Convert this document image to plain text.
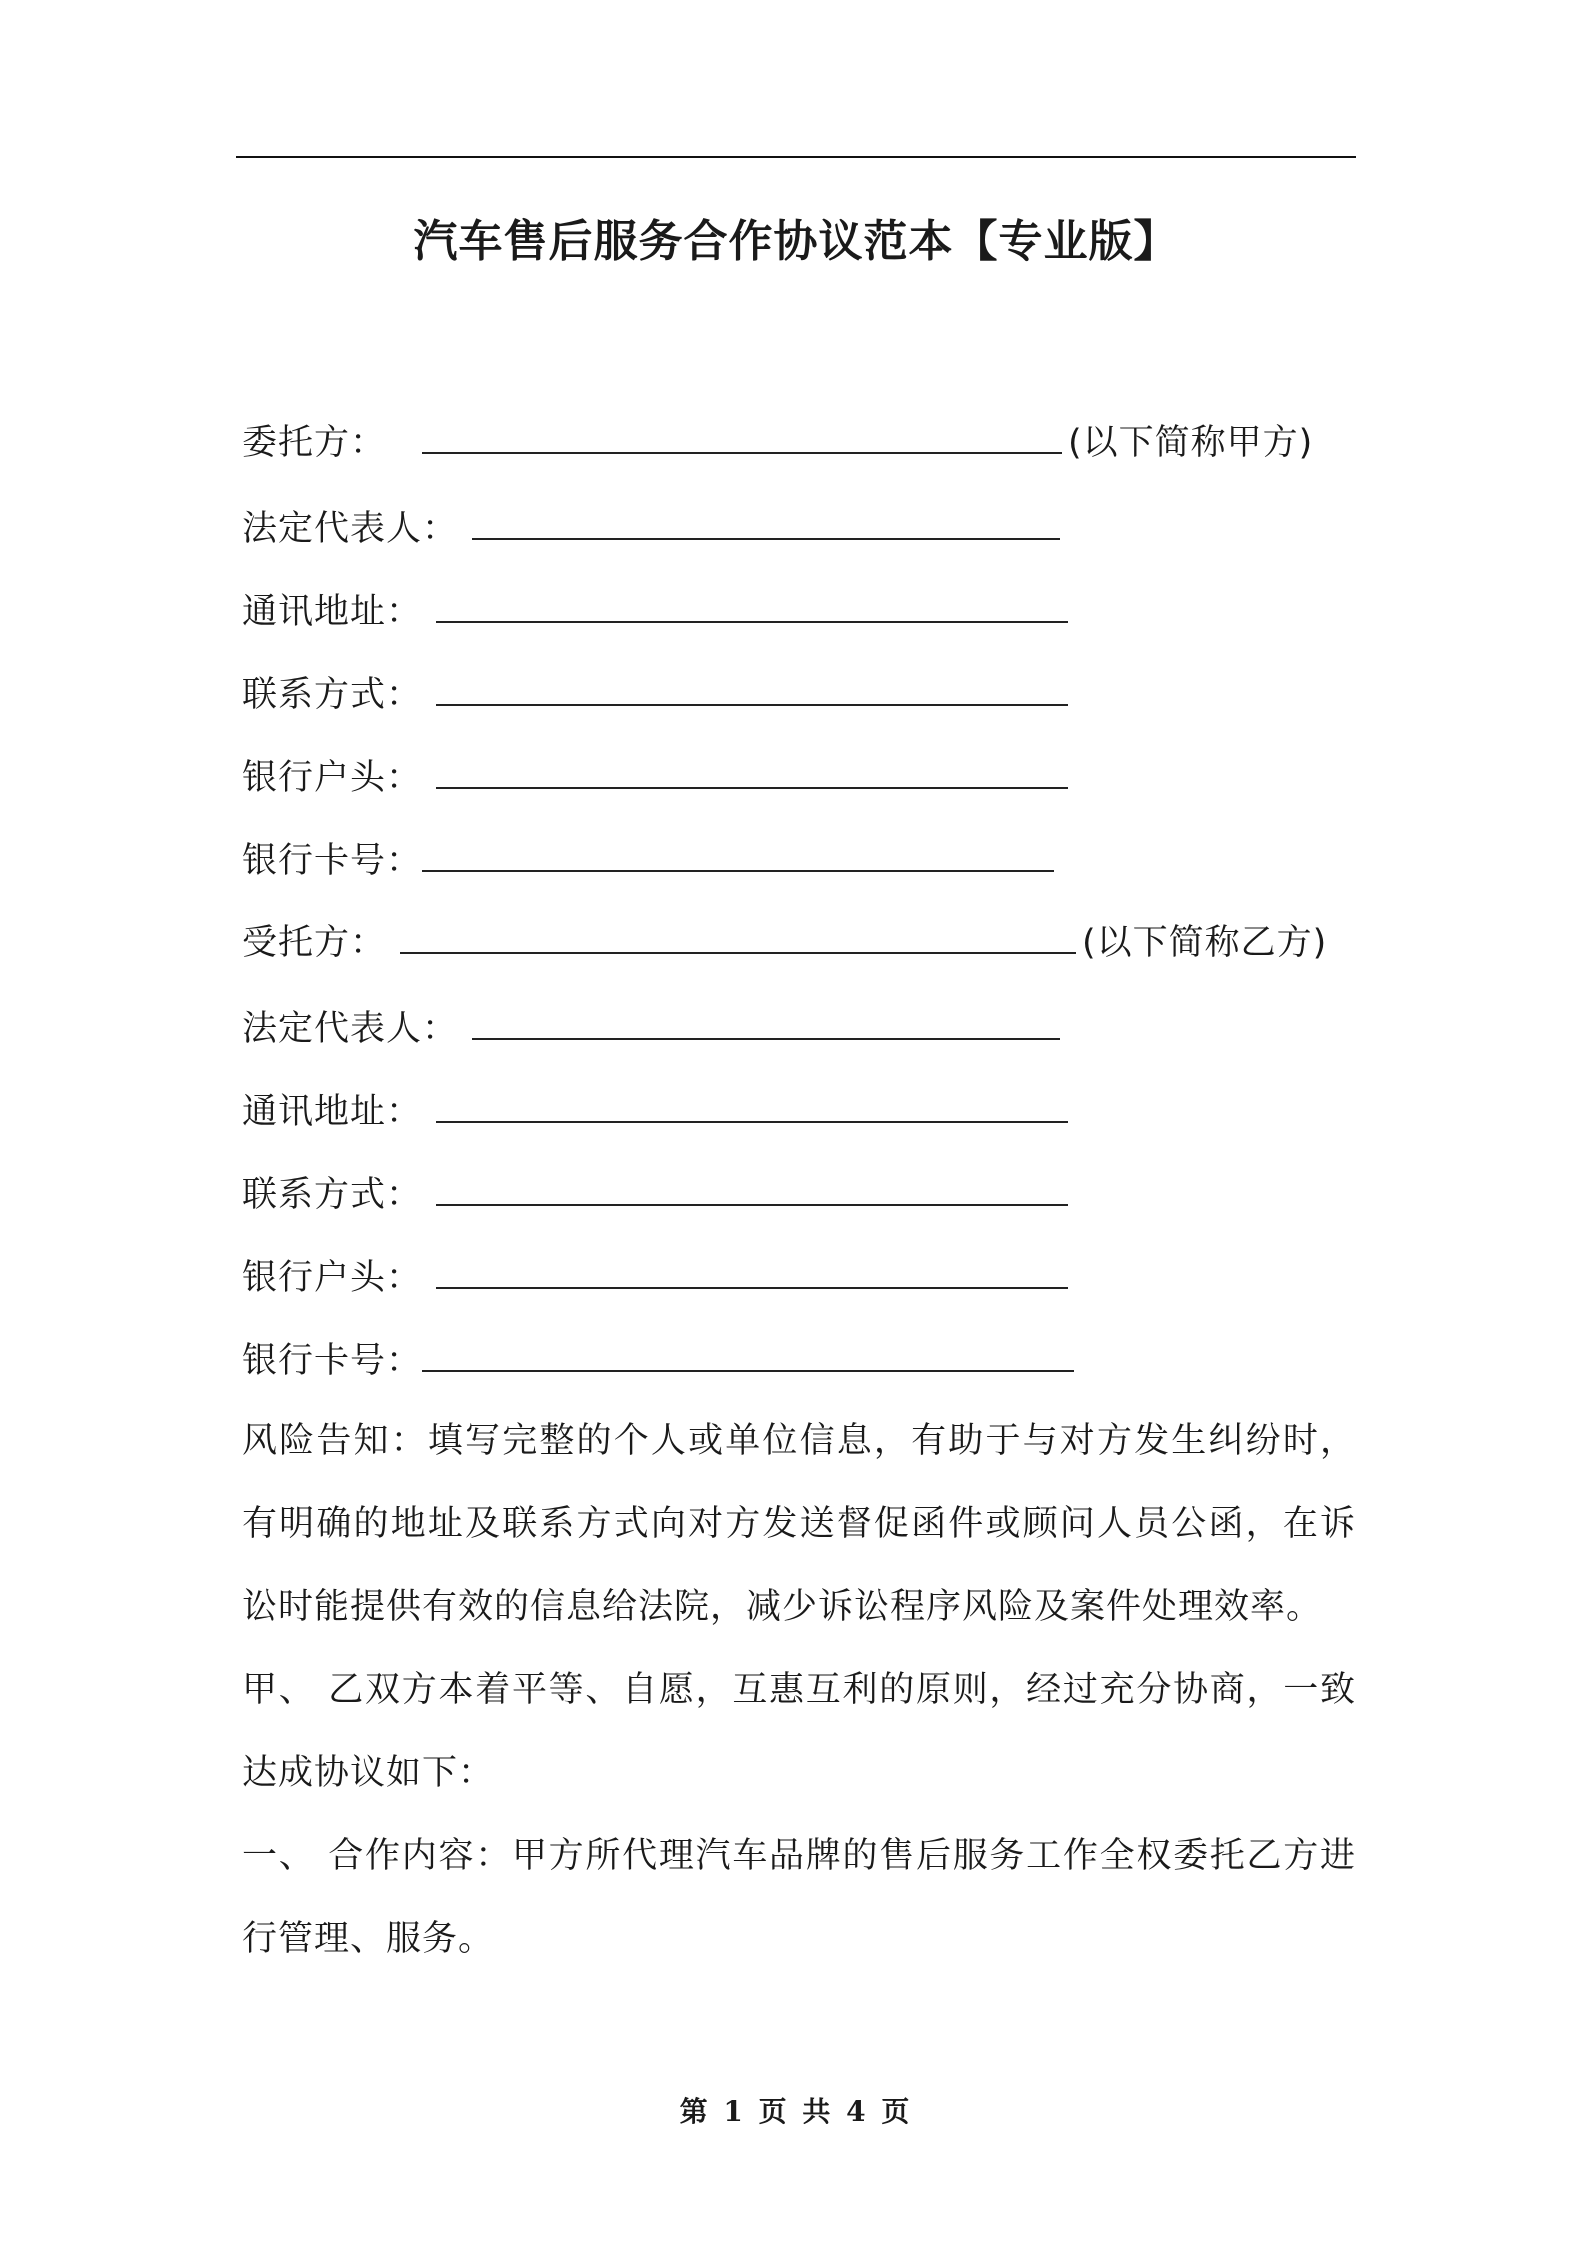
汽车售后服务合作协议范本【专业版】
委托方：	(以下简称甲方)
法定代表人：
通讯地址：
联系方式：
银行户头：
银行卡号：
受托方：	(以下简称乙方)
法定代表人：
通讯地址：
联系方式：
银行户头：
银行卡号：
风险告知：填写完整的个人或单位信息，有助于与对方发生纠纷时，有明确的地址及联系方式向对方发送督促函件或顾问人员公函，在诉讼时能提供有效的信息给法院，减少诉讼程序风险及案件处理效率。
甲、 乙双方本着平等、自愿，互惠互利的原则，经过充分协商，一致达成协议如下：
一、 合作内容：甲方所代理汽车品牌的售后服务工作全权委托乙方进行管理、服务。
第 1 页 共 4 页
